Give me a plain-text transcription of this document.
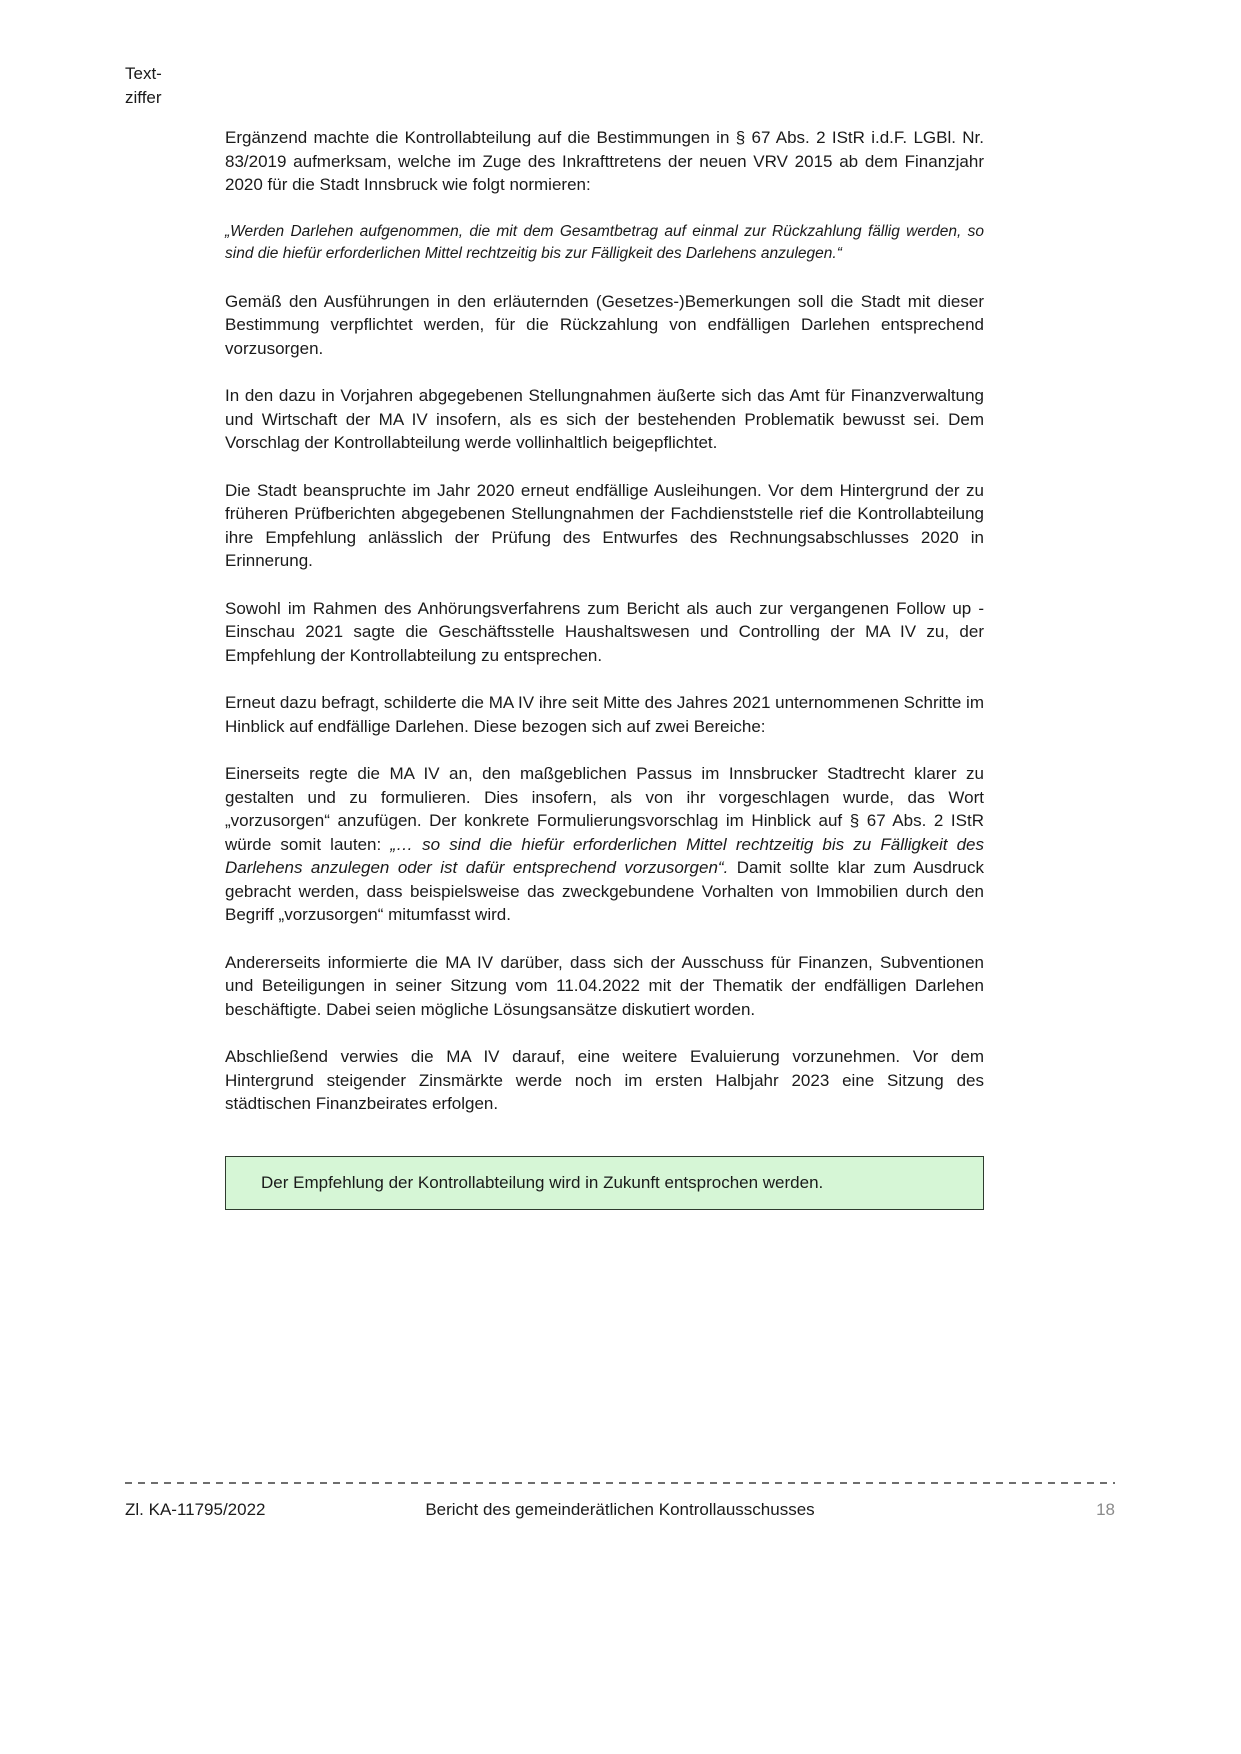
Text-
ziffer

Ergänzend machte die Kontrollabteilung auf die Bestimmungen in § 67 Abs. 2 IStR i.d.F. LGBl. Nr. 83/2019 aufmerksam, welche im Zuge des Inkrafttretens der neuen VRV 2015 ab dem Finanzjahr 2020 für die Stadt Innsbruck wie folgt normieren:

„Werden Darlehen aufgenommen, die mit dem Gesamtbetrag auf einmal zur Rückzahlung fällig werden, so sind die hiefür erforderlichen Mittel rechtzeitig bis zur Fälligkeit des Darlehens anzulegen.“

Gemäß den Ausführungen in den erläuternden (Gesetzes-)Bemerkungen soll die Stadt mit dieser Bestimmung verpflichtet werden, für die Rückzahlung von endfälligen Darlehen entsprechend vorzusorgen.

In den dazu in Vorjahren abgegebenen Stellungnahmen äußerte sich das Amt für Finanzverwaltung und Wirtschaft der MA IV insofern, als es sich der bestehenden Problematik bewusst sei. Dem Vorschlag der Kontrollabteilung werde vollinhaltlich beigepflichtet.

Die Stadt beanspruchte im Jahr 2020 erneut endfällige Ausleihungen. Vor dem Hintergrund der zu früheren Prüfberichten abgegebenen Stellungnahmen der Fachdienststelle rief die Kontrollabteilung ihre Empfehlung anlässlich der Prüfung des Entwurfes des Rechnungsabschlusses 2020 in Erinnerung.

Sowohl im Rahmen des Anhörungsverfahrens zum Bericht als auch zur vergangenen Follow up - Einschau 2021 sagte die Geschäftsstelle Haushaltswesen und Controlling der MA IV zu, der Empfehlung der Kontrollabteilung zu entsprechen.

Erneut dazu befragt, schilderte die MA IV ihre seit Mitte des Jahres 2021 unternommenen Schritte im Hinblick auf endfällige Darlehen. Diese bezogen sich auf zwei Bereiche:

Einerseits regte die MA IV an, den maßgeblichen Passus im Innsbrucker Stadtrecht klarer zu gestalten und zu formulieren. Dies insofern, als von ihr vorgeschlagen wurde, das Wort „vorzusorgen“ anzufügen. Der konkrete Formulierungsvorschlag im Hinblick auf § 67 Abs. 2 IStR würde somit lauten: „… so sind die hiefür erforderlichen Mittel rechtzeitig bis zu Fälligkeit des Darlehens anzulegen oder ist dafür entsprechend vorzusorgen“. Damit sollte klar zum Ausdruck gebracht werden, dass beispielsweise das zweckgebundene Vorhalten von Immobilien durch den Begriff „vorzusorgen“ mitumfasst wird.

Andererseits informierte die MA IV darüber, dass sich der Ausschuss für Finanzen, Subventionen und Beteiligungen in seiner Sitzung vom 11.04.2022 mit der Thematik der endfälligen Darlehen beschäftigte. Dabei seien mögliche Lösungsansätze diskutiert worden.

Abschließend verwies die MA IV darauf, eine weitere Evaluierung vorzunehmen. Vor dem Hintergrund steigender Zinsmärkte werde noch im ersten Halbjahr 2023 eine Sitzung des städtischen Finanzbeirates erfolgen.

Der Empfehlung der Kontrollabteilung wird in Zukunft entsprochen werden.
Zl. KA-11795/2022	Bericht des gemeinderätlichen Kontrollausschusses	18
